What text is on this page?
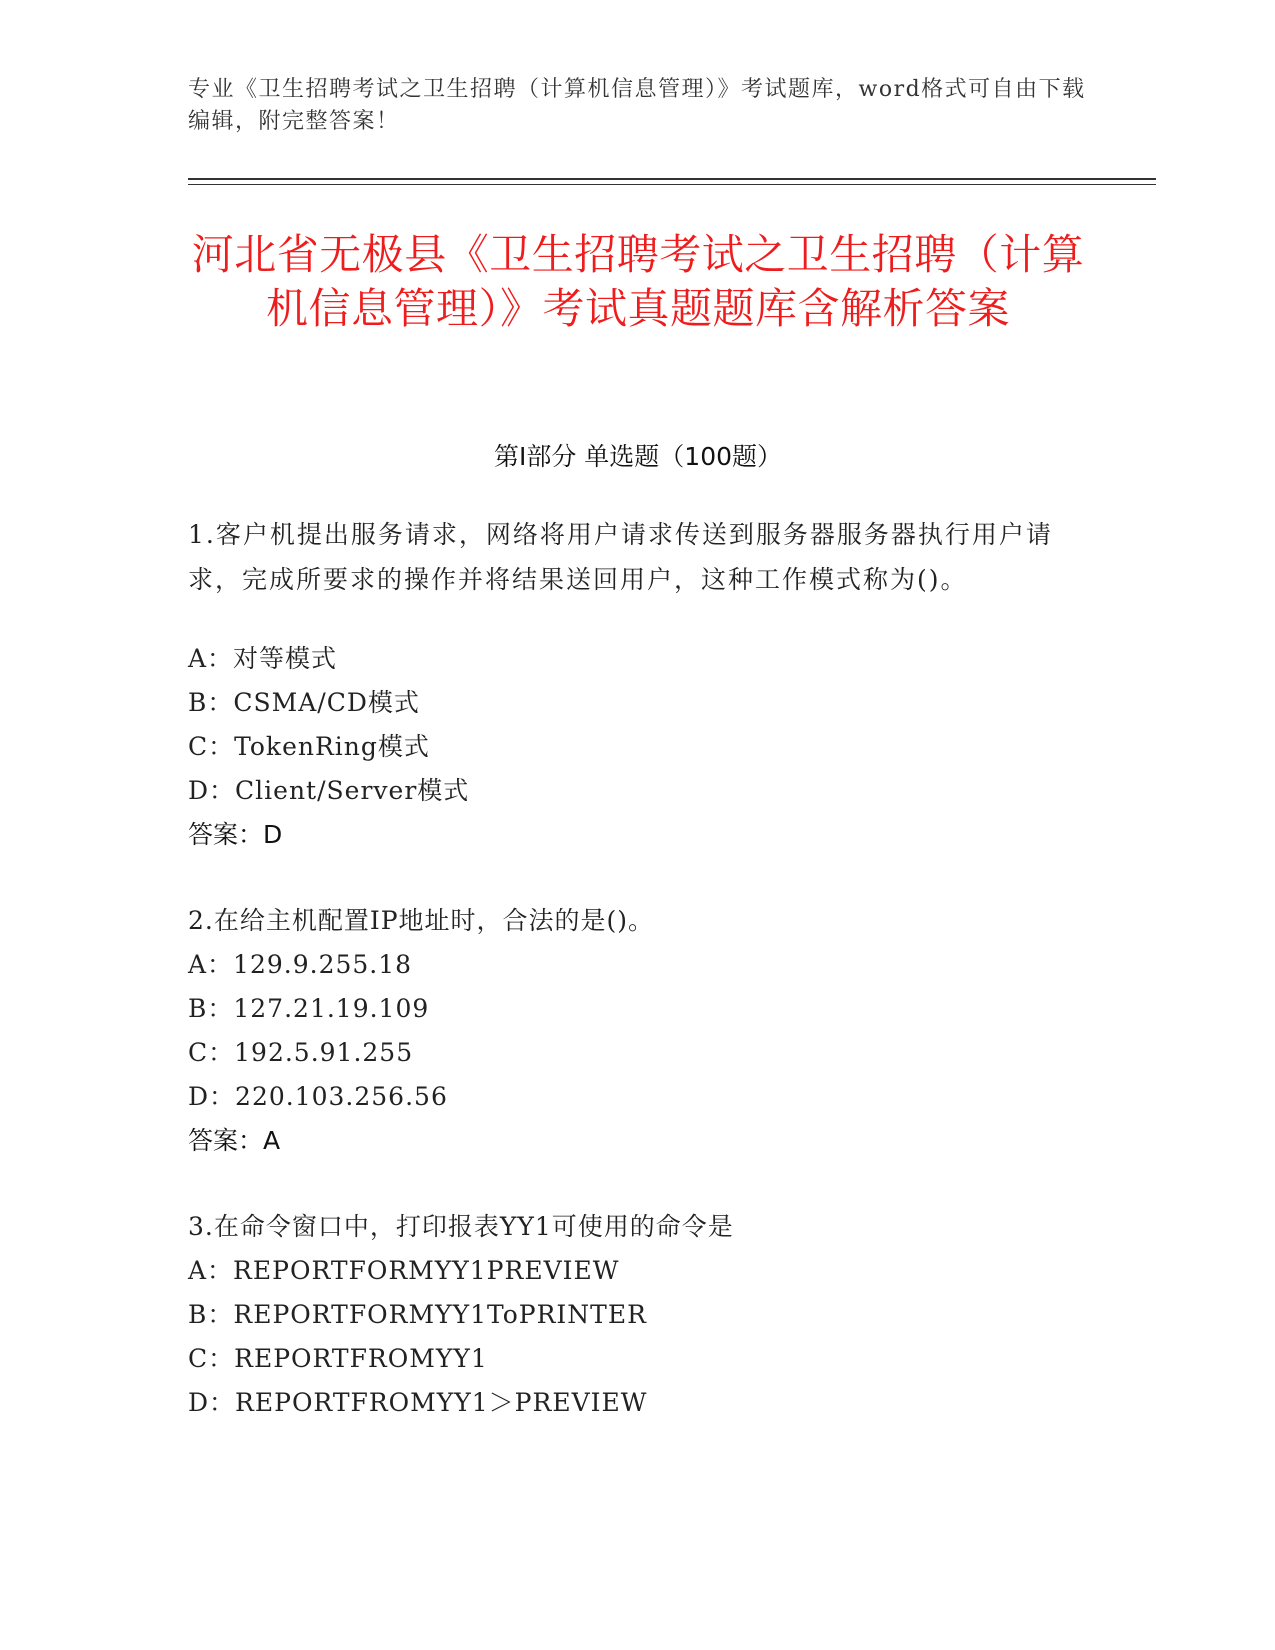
专业《卫生招聘考试之卫生招聘（计算机信息管理）》考试题库，word格式可自由下载编辑，附完整答案！
河北省无极县《卫生招聘考试之卫生招聘（计算机信息管理）》考试真题题库含解析答案
第Ⅰ部分 单选题（100题）
1.客户机提出服务请求，网络将用户请求传送到服务器服务器执行用户请求，完成所要求的操作并将结果送回用户，这种工作模式称为()。
A：对等模式
B：CSMA/CD模式
C：TokenRing模式
D：Client/Server模式
答案：D
2.在给主机配置IP地址时，合法的是()。
A：129.9.255.18
B：127.21.19.109
C：192.5.91.255
D：220.103.256.56
答案：A
3.在命令窗口中，打印报表YY1可使用的命令是
A：REPORTFORMYY1PREVIEW
B：REPORTFORMYY1ToPRINTER
C：REPORTFROMYY1
D：REPORTFROMYY1＞PREVIEW
